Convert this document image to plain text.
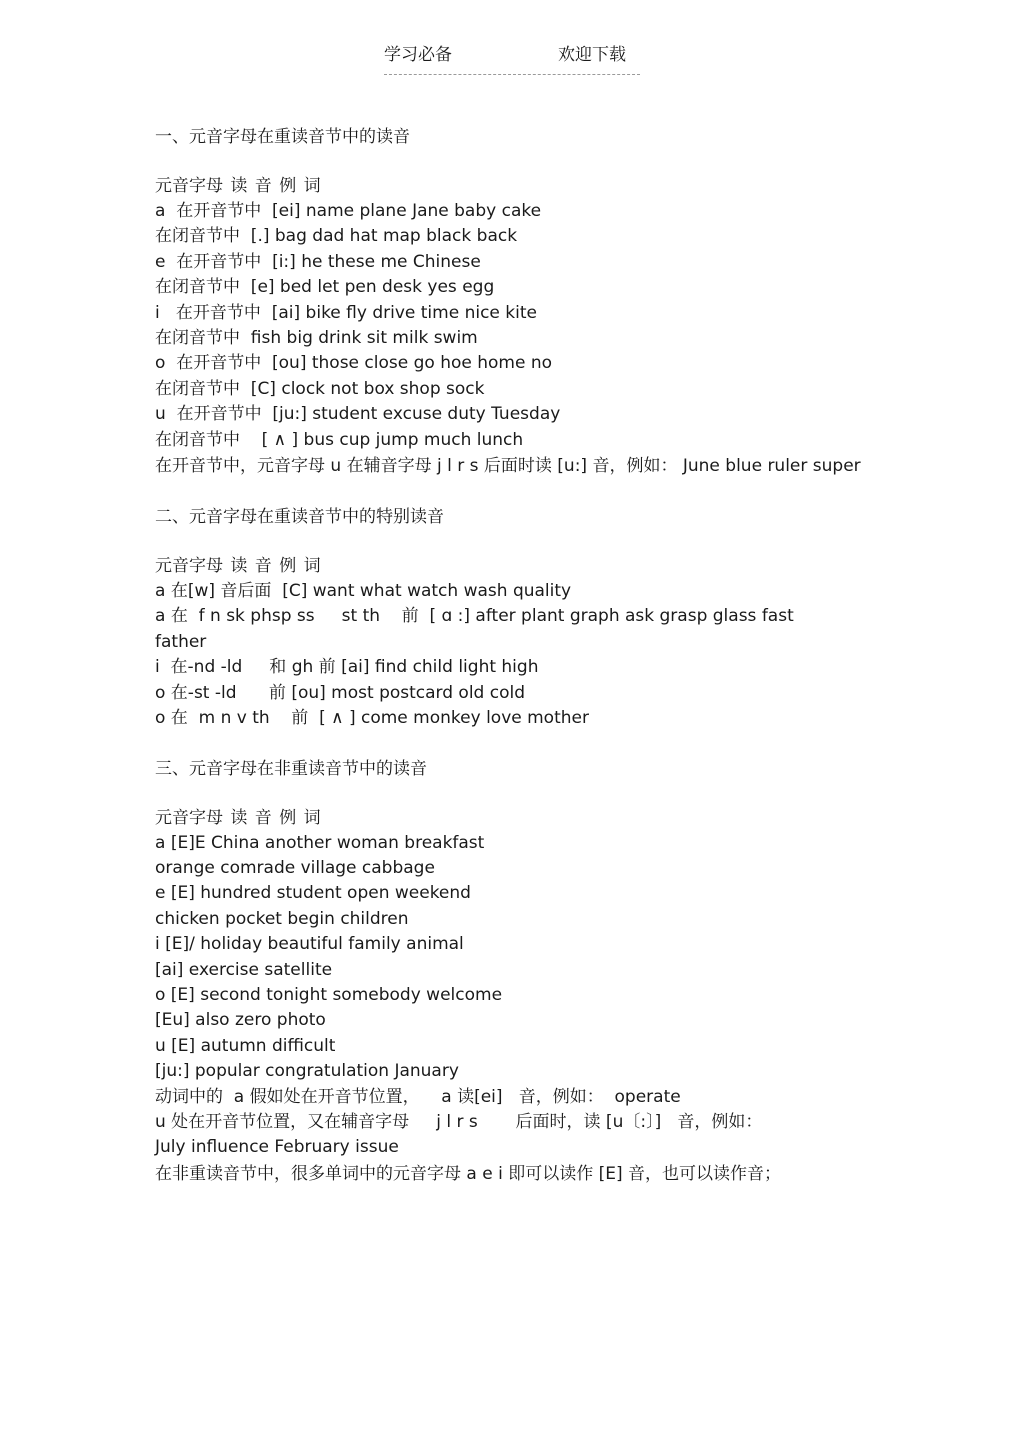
学习必备	欢迎下载
一、元音字母在重读音节中的读音
元音字母 读 音 例 词
a  在开音节中  [ei] name plane Jane baby cake
在闭音节中  [.] bag dad hat map black back
e  在开音节中  [i:] he these me Chinese
在闭音节中  [e] bed let pen desk yes egg
i   在开音节中  [ai] bike fly drive time nice kite
在闭音节中  fish big drink sit milk swim
o  在开音节中  [ou] those close go hoe home no
在闭音节中  [C] clock not box shop sock
u  在开音节中  [ju:] student excuse duty Tuesday
在闭音节中    [ ∧ ] bus cup jump much lunch
在开音节中，元音字母 u 在辅音字母 j l r s 后面时读 [u:] 音，例如： June blue ruler super
二、元音字母在重读音节中的特别读音
元音字母 读 音 例 词
a 在[w] 音后面  [C] want what watch wash quality
a 在  f n sk phsp ss     st th    前  [ ɑ :] after plant graph ask grasp glass fast
father
i  在-nd -ld     和 gh 前 [ai] find child light high
o 在-st -ld      前 [ou] most postcard old cold
o 在  m n v th    前  [ ∧ ] come monkey love mother
三、元音字母在非重读音节中的读音
元音字母 读 音 例 词
a [E]E China another woman breakfast
orange comrade village cabbage
e [E] hundred student open weekend
chicken pocket begin children
i [E]/ holiday beautiful family animal
[ai] exercise satellite
o [E] second tonight somebody welcome
[Eu] also zero photo
u [E] autumn difficult
[ju:] popular congratulation January
动词中的  a 假如处在开音节位置，    a 读[ei]   音，例如：  operate
u 处在开音节位置，又在辅音字母     j l r s       后面时，读 [u〔:〕]   音，例如：
July influence February issue
在非重读音节中，很多单词中的元音字母 a e i 即可以读作 [E] 音，也可以读作音；
